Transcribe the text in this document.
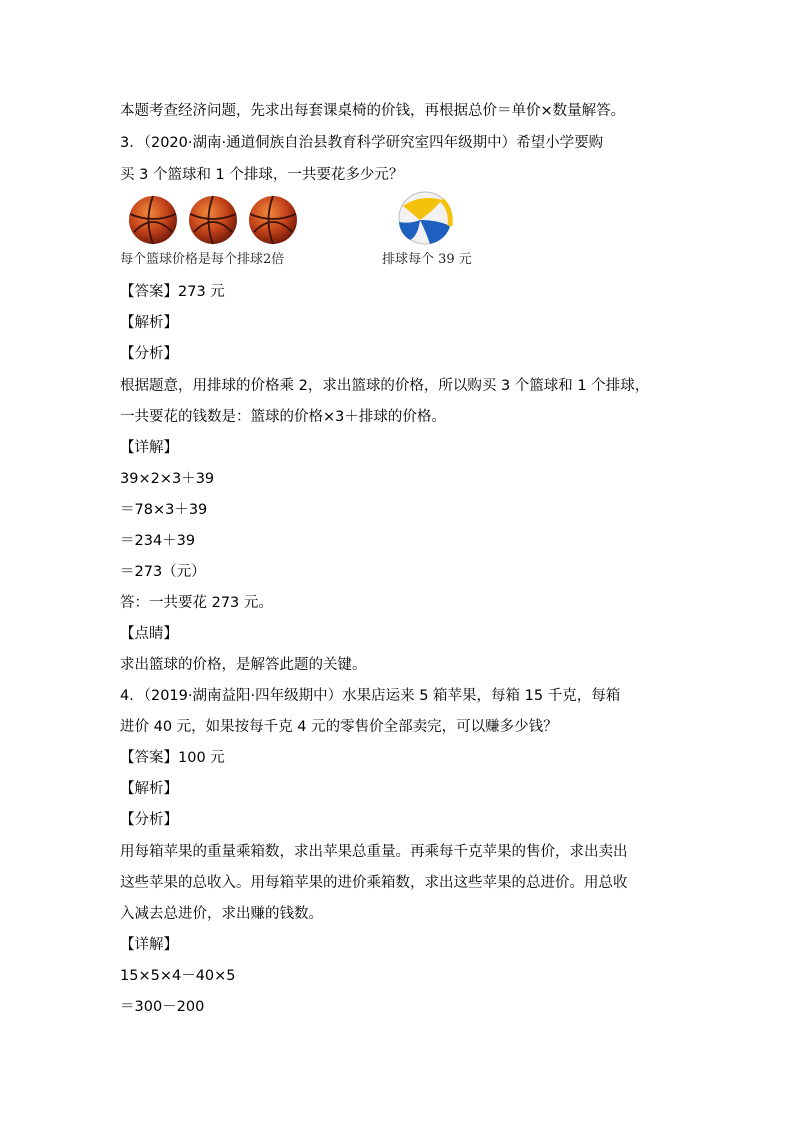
本题考查经济问题，先求出每套课桌椅的价钱，再根据总价＝单价×数量解答。
3．（2020·湖南·通道侗族自治县教育科学研究室四年级期中）希望小学要购
买 3 个篮球和 1 个排球，一共要花多少元？
每个篮球价格是每个排球2倍	排球每个 39 元
【答案】273 元
【解析】
【分析】
根据题意，用排球的价格乘 2，求出篮球的价格，所以购买 3 个篮球和 1 个排球，
一共要花的钱数是：篮球的价格×3＋排球的价格。
【详解】
39×2×3＋39
＝78×3＋39
＝234＋39
＝273（元）
答：一共要花 273 元。
【点睛】
求出篮球的价格，是解答此题的关键。
4．（2019·湖南益阳·四年级期中）水果店运来 5 箱苹果，每箱 15 千克，每箱
进价 40 元，如果按每千克 4 元的零售价全部卖完，可以赚多少钱？
【答案】100 元
【解析】
【分析】
用每箱苹果的重量乘箱数，求出苹果总重量。再乘每千克苹果的售价，求出卖出
这些苹果的总收入。用每箱苹果的进价乘箱数，求出这些苹果的总进价。用总收
入减去总进价，求出赚的钱数。
【详解】
15×5×4－40×5
＝300－200
